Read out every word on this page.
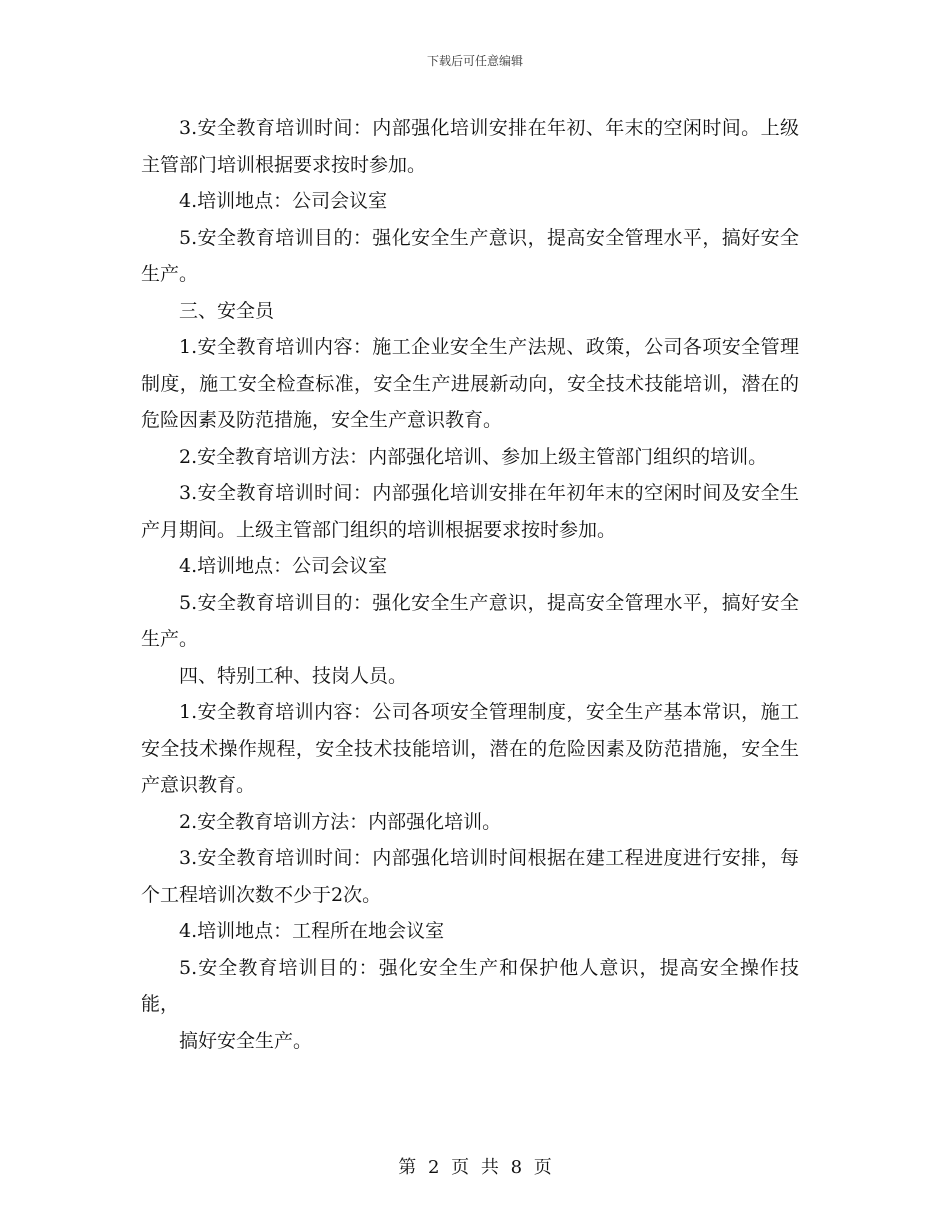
下载后可任意编辑

3.安全教育培训时间：内部强化培训安排在年初、年末的空闲时间。上级主管部门培训根据要求按时参加。

4.培训地点：公司会议室

5.安全教育培训目的：强化安全生产意识，提高安全管理水平，搞好安全生产。

三、安全员

1.安全教育培训内容：施工企业安全生产法规、政策，公司各项安全管理制度，施工安全检查标准，安全生产进展新动向，安全技术技能培训，潜在的危险因素及防范措施，安全生产意识教育。

2.安全教育培训方法：内部强化培训、参加上级主管部门组织的培训。

3.安全教育培训时间：内部强化培训安排在年初年末的空闲时间及安全生产月期间。上级主管部门组织的培训根据要求按时参加。

4.培训地点：公司会议室

5.安全教育培训目的：强化安全生产意识，提高安全管理水平，搞好安全生产。

四、特别工种、技岗人员。

1.安全教育培训内容：公司各项安全管理制度，安全生产基本常识，施工安全技术操作规程，安全技术技能培训，潜在的危险因素及防范措施，安全生产意识教育。

2.安全教育培训方法：内部强化培训。

3.安全教育培训时间：内部强化培训时间根据在建工程进度进行安排，每个工程培训次数不少于2次。

4.培训地点：工程所在地会议室

5.安全教育培训目的：强化安全生产和保护他人意识，提高安全操作技能，

搞好安全生产。

第 2 页 共 8 页
